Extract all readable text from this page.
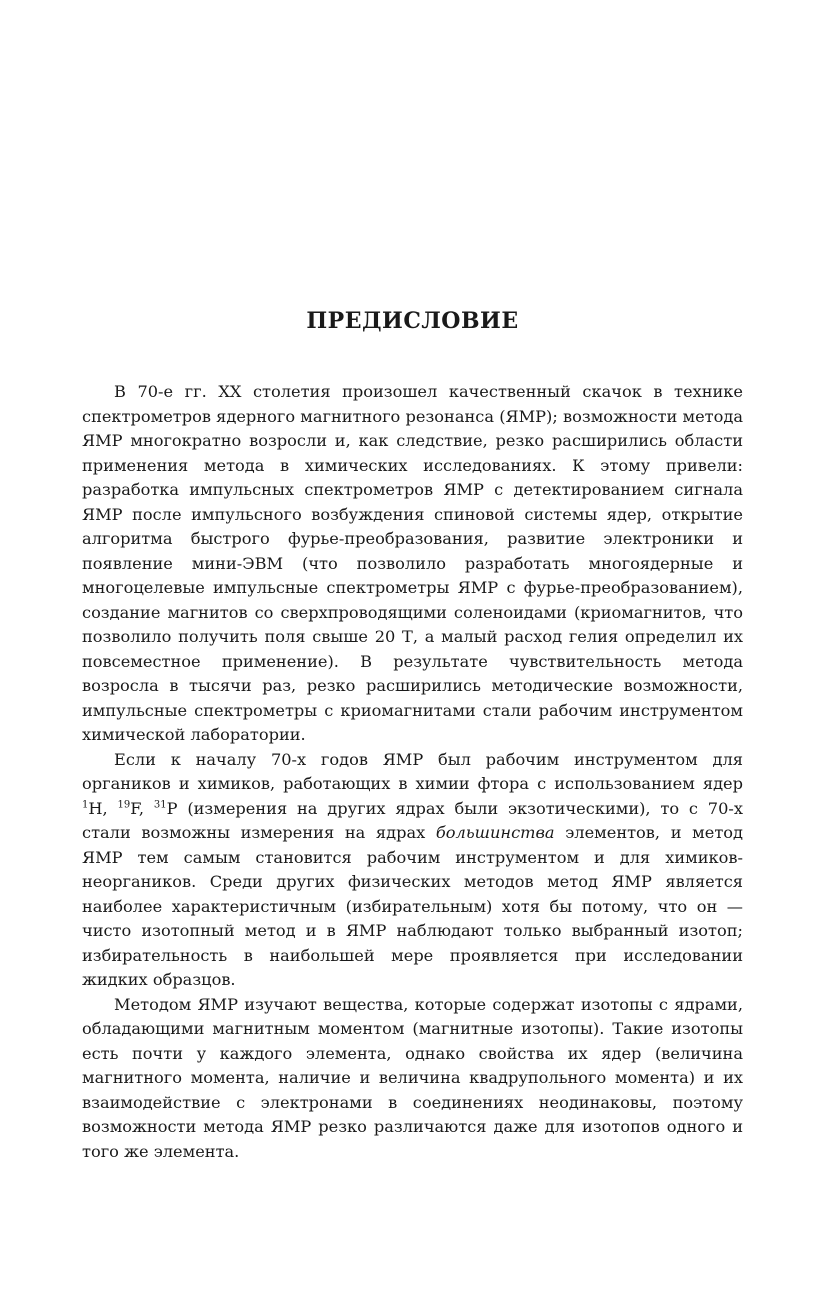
ПРЕДИСЛОВИЕ

В 70-е гг. XX столетия произошел качественный скачок в технике спектрометров ядерного магнитного резонанса (ЯМР); возможности метода ЯМР многократно возросли и, как следствие, резко расширились области применения метода в химических исследованиях. К этому привели: разработка импульсных спектрометров ЯМР с детектированием сигнала ЯМР после импульсного возбуждения спиновой системы ядер, открытие алгоритма быстрого фурье-преобразования, развитие электроники и появление мини-ЭВМ (что позволило разработать многоядерные и многоцелевые импульсные спектрометры ЯМР с фурье-преобразованием), создание магнитов со сверхпроводящими соленоидами (криомагнитов, что позволило получить поля свыше 20 Т, а малый расход гелия определил их повсеместное применение). В результате чувствительность метода возросла в тысячи раз, резко расширились методические возможности, импульсные спектрометры с криомагнитами стали рабочим инструментом химической лаборатории.

Если к началу 70-х годов ЯМР был рабочим инструментом для органиков и химиков, работающих в химии фтора с использованием ядер $^1$H, $^{19}$F, $^{31}$P (измерения на других ядрах были экзотическими), то с 70-х стали возможны измерения на ядрах большинства элементов, и метод ЯМР тем самым становится рабочим инструментом и для химиков-неоргаников. Среди других физических методов метод ЯМР является наиболее характеристичным (избирательным) хотя бы потому, что он — чисто изотопный метод и в ЯМР наблюдают только выбранный изотоп; избирательность в наибольшей мере проявляется при исследовании жидких образцов.

Методом ЯМР изучают вещества, которые содержат изотопы с ядрами, обладающими магнитным моментом (магнитные изотопы). Такие изотопы есть почти у каждого элемента, однако свойства их ядер (величина магнитного момента, наличие и величина квадрупольного момента) и их взаимодействие с электронами в соединениях неодинаковы, поэтому возможности метода ЯМР резко различаются даже для изотопов одного и того же элемента.
